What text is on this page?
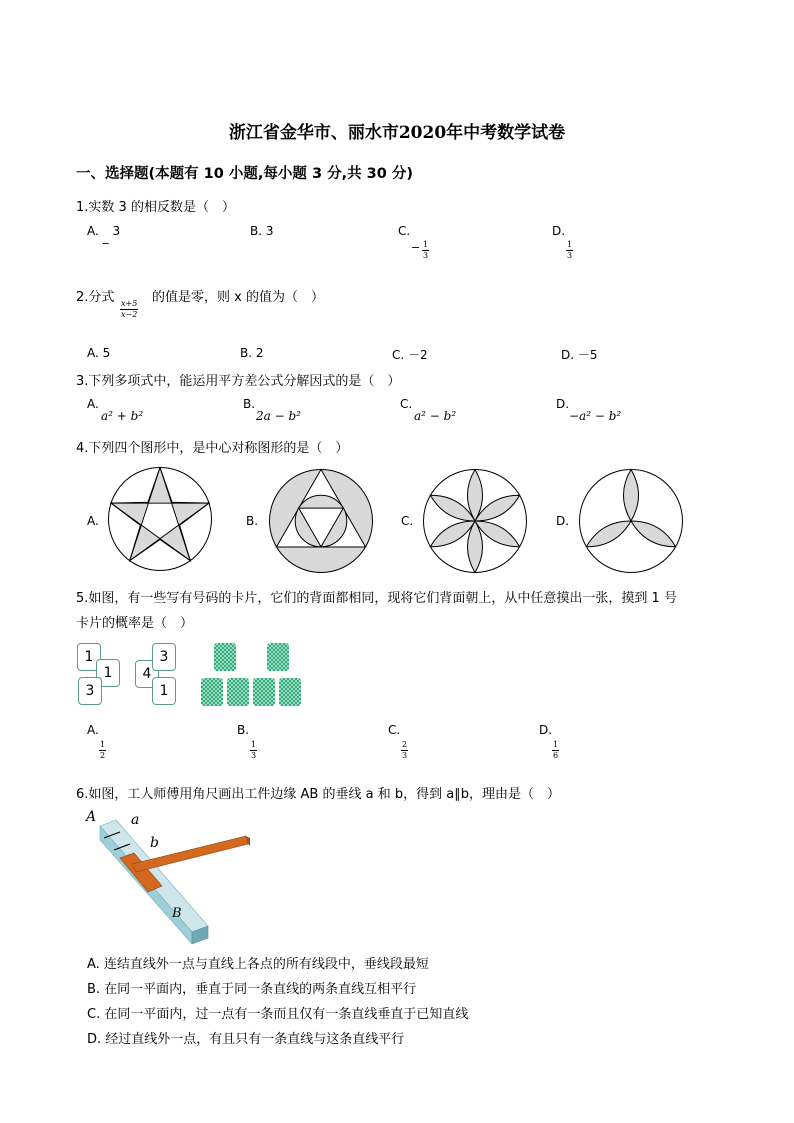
浙江省金华市、丽水市2020年中考数学试卷
一、选择题(本题有 10 小题,每小题 3 分,共 30 分)
1.实数 3 的相反数是（　）
A. _ 3	B. 3	C.
− $\frac{1}{3}$
D.
$\frac{1}{3}$
2.分式
$\frac{x+5}{x-2}$
的值是零，则 x 的值为（　）
A. 5	B. 2	C. －2	D. －5
3.下列多项式中，能运用平方差公式分解因式的是（　）
A.
a² + b²
B.
2a − b²
C.
a² − b²
D.
−a² − b²
4.下列四个图形中，是中心对称图形的是（　）
A.	B.	C.	D.
5.如图，有一些写有号码的卡片，它们的背面都相同，现将它们背面朝上，从中任意摸出一张，摸到 1 号
卡片的概率是（　）
1
1
3
4
3
1
A.
$\frac{1}{2}$
B.
$\frac{1}{3}$
C.
$\frac{2}{3}$
D.
$\frac{1}{6}$
6.如图，工人师傅用角尺画出工件边缘 AB 的垂线 a 和 b，得到 a∥b，理由是（　）
A a
b
B
A. 连结直线外一点与直线上各点的所有线段中，垂线段最短
B. 在同一平面内，垂直于同一条直线的两条直线互相平行
C. 在同一平面内，过一点有一条而且仅有一条直线垂直于已知直线
D. 经过直线外一点，有且只有一条直线与这条直线平行
